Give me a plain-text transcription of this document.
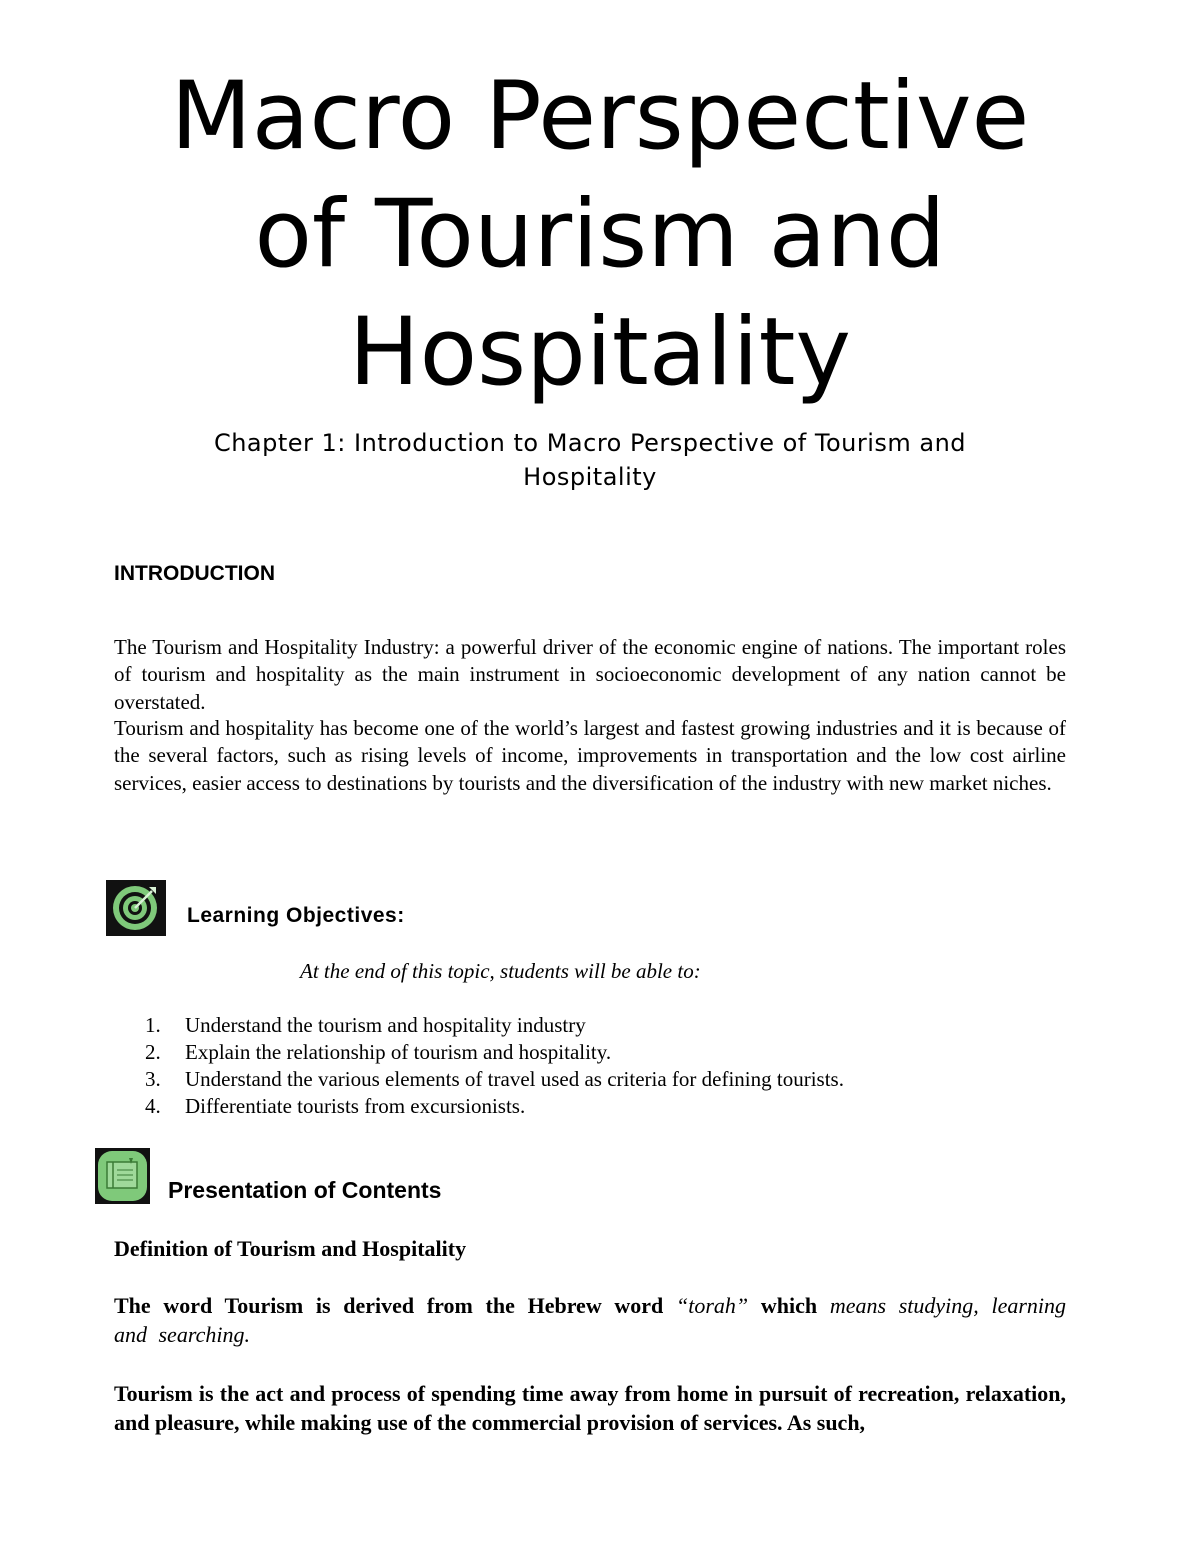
Macro Perspective
of Tourism and
Hospitality
Chapter 1: Introduction to Macro Perspective of Tourism and Hospitality
INTRODUCTION

The Tourism and Hospitality Industry: a powerful driver of the economic engine of nations. The important roles of tourism and hospitality as the main instrument in socioeconomic development of any nation cannot be overstated.

Tourism and hospitality has become one of the world’s largest and fastest growing industries and it is because of the several factors, such as rising levels of income, improvements in transportation and the low cost airline services, easier access to destinations by tourists and the diversification of the industry with new market niches.

Learning Objectives:
At the end of this topic, students will be able to:
1.	Understand the tourism and hospitality industry
2.	Explain the relationship of tourism and hospitality.
3.	Understand the various elements of travel used as criteria for defining tourists.
4.	Differentiate tourists from excursionists.
Presentation of Contents
Definition of Tourism and Hospitality

The word Tourism is derived from the Hebrew word “torah” which means studying, learning and searching.

Tourism is the act and process of spending time away from home in pursuit of recreation, relaxation, and pleasure, while making use of the commercial provision of services. As such,
